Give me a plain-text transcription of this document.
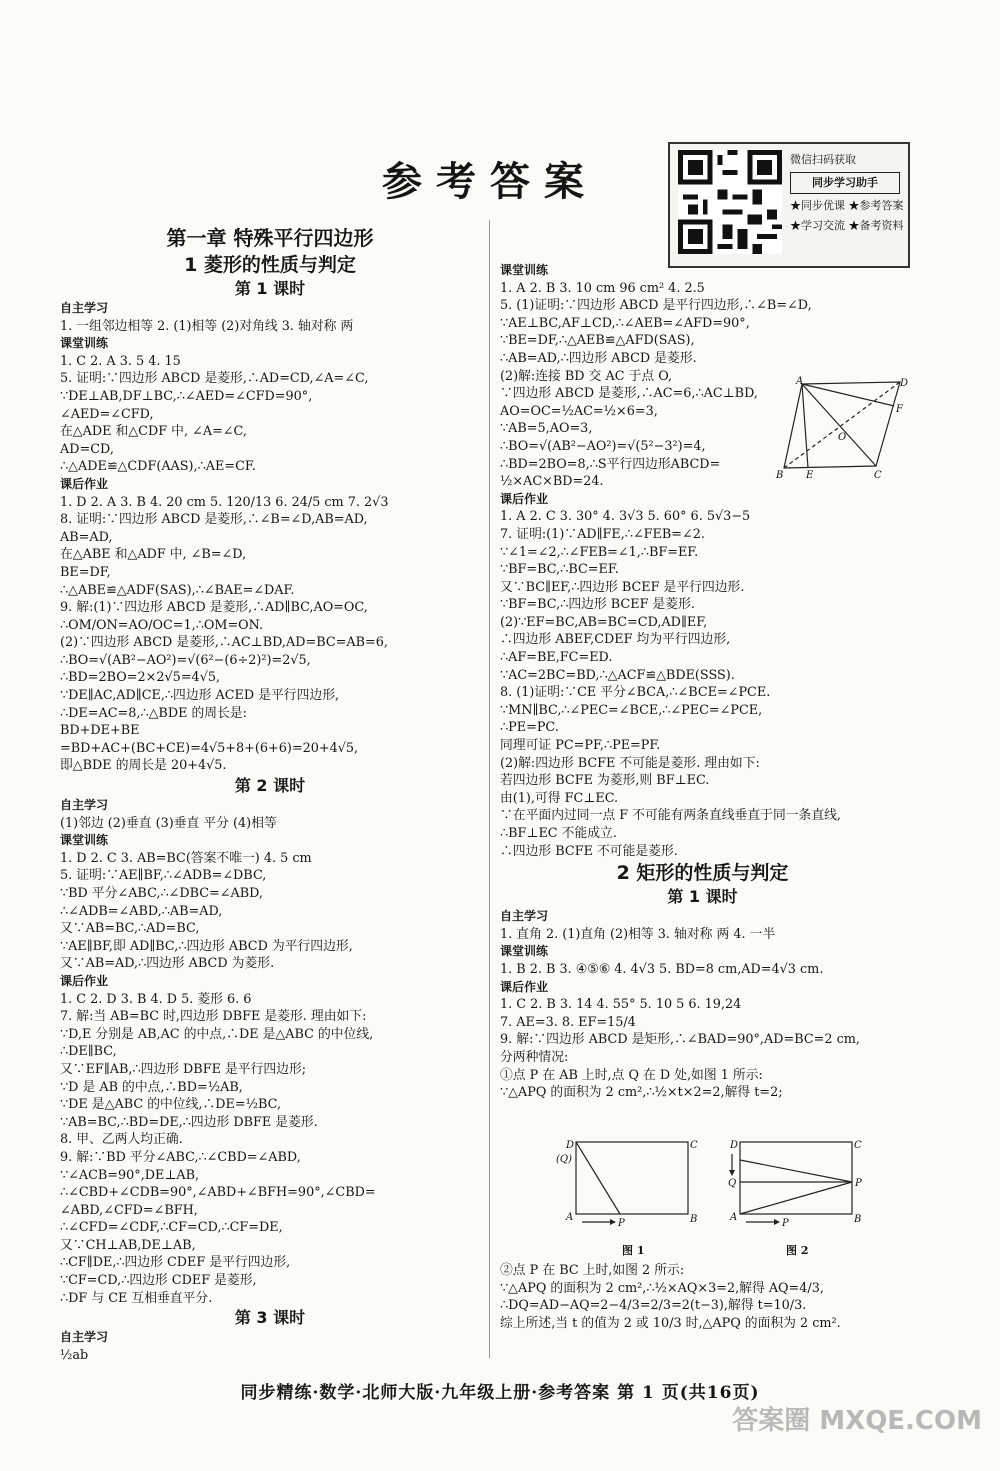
参考答案	微信扫码获取
同步学习助手
★同步优课 ★参考答案
★学习交流 ★备考资料
第一章 特殊平行四边形
1 菱形的性质与判定
第 1 课时
自主学习
1. 一组邻边相等 2. (1)相等 (2)对角线 3. 轴对称 两
课堂训练
1. C 2. A 3. 5 4. 15
5. 证明:∵四边形 ABCD 是菱形,∴AD=CD,∠A=∠C,
∵DE⊥AB,DF⊥BC,∴∠AED=∠CFD=90°,
∠AED=∠CFD,
在△ADE 和△CDF 中, ∠A=∠C,
AD=CD,
∴△ADE≌△CDF(AAS),∴AE=CF.
课后作业
1. D 2. A 3. B 4. 20 cm 5. 120/13 6. 24/5 cm 7. 2√3
8. 证明:∵四边形 ABCD 是菱形,∴∠B=∠D,AB=AD,
AB=AD,
在△ABE 和△ADF 中, ∠B=∠D,
BE=DF,
∴△ABE≌△ADF(SAS),∴∠BAE=∠DAF.
9. 解:(1)∵四边形 ABCD 是菱形,∴AD∥BC,AO=OC,
∴OM/ON=AO/OC=1,∴OM=ON.
(2)∵四边形 ABCD 是菱形,∴AC⊥BD,AD=BC=AB=6,
∴BO=√(AB²−AO²)=√(6²−(6÷2)²)=2√5,
∴BD=2BO=2×2√5=4√5,
∵DE∥AC,AD∥CE,∴四边形 ACED 是平行四边形,
∴DE=AC=8,∴△BDE 的周长是:
BD+DE+BE
=BD+AC+(BC+CE)=4√5+8+(6+6)=20+4√5,
即△BDE 的周长是 20+4√5.
第 2 课时
自主学习
(1)邻边 (2)垂直 (3)垂直 平分 (4)相等
课堂训练
1. D 2. C 3. AB=BC(答案不唯一) 4. 5 cm
5. 证明:∵AE∥BF,∴∠ADB=∠DBC,
∵BD 平分∠ABC,∴∠DBC=∠ABD,
∴∠ADB=∠ABD,∴AB=AD,
又∵AB=BC,∴AD=BC,
∵AE∥BF,即 AD∥BC,∴四边形 ABCD 为平行四边形,
又∵AB=AD,∴四边形 ABCD 为菱形.
课后作业
1. C 2. D 3. B 4. D 5. 菱形 6. 6
7. 解:当 AB=BC 时,四边形 DBFE 是菱形. 理由如下:
∵D,E 分别是 AB,AC 的中点,∴DE 是△ABC 的中位线,
∴DE∥BC,
又∵EF∥AB,∴四边形 DBFE 是平行四边形;
∵D 是 AB 的中点,∴BD=½AB,
∵DE 是△ABC 的中位线,∴DE=½BC,
∵AB=BC,∴BD=DE,∴四边形 DBFE 是菱形.
8. 甲、乙两人均正确.
9. 解:∵BD 平分∠ABC,∴∠CBD=∠ABD,
∵∠ACB=90°,DE⊥AB,
∴∠CBD+∠CDB=90°,∠ABD+∠BFH=90°,∠CBD=
∠ABD,∠CFD=∠BFH,
∴∠CFD=∠CDF,∴CF=CD,∴CF=DE,
又∵CH⊥AB,DE⊥AB,
∴CF∥DE,∴四边形 CDEF 是平行四边形,
∵CF=CD,∴四边形 CDEF 是菱形,
∴DF 与 CE 互相垂直平分.
第 3 课时
自主学习
½ab
课堂训练
1. A 2. B 3. 10 cm 96 cm² 4. 2.5
5. (1)证明:∵四边形 ABCD 是平行四边形,∴∠B=∠D,
∵AE⊥BC,AF⊥CD,∴∠AEB=∠AFD=90°,
∵BE=DF,∴△AEB≌△AFD(SAS),
∴AB=AD,∴四边形 ABCD 是菱形.
(2)解:连接 BD 交 AC 于点 O,
∵四边形 ABCD 是菱形,∴AC=6,∴AC⊥BD,
AO=OC=½AC=½×6=3,
∵AB=5,AO=3,
∴BO=√(AB²−AO²)=√(5²−3²)=4,
∴BD=2BO=8,∴S平行四边形ABCD=
½×AC×BD=24.
课后作业
1. A 2. C 3. 30° 4. 3√3 5. 60° 6. 5√3−5
7. 证明:(1)∵AD∥FE,∴∠FEB=∠2.
∵∠1=∠2,∴∠FEB=∠1,∴BF=EF.
∵BF=BC,∴BC=EF.
又∵BC∥EF,∴四边形 BCEF 是平行四边形.
∵BF=BC,∴四边形 BCEF 是菱形.
(2)∵EF=BC,AB=BC=CD,AD∥EF,
∴四边形 ABEF,CDEF 均为平行四边形,
∴AF=BE,FC=ED.
∵AC=2BC=BD,∴△ACF≌△BDE(SSS).
8. (1)证明:∵CE 平分∠BCA,∴∠BCE=∠PCE.
∵MN∥BC,∴∠PEC=∠BCE,∴∠PEC=∠PCE,
∴PE=PC.
同理可证 PC=PF,∴PE=PF.
(2)解:四边形 BCFE 不可能是菱形. 理由如下:
若四边形 BCFE 为菱形,则 BF⊥EC.
由(1),可得 FC⊥EC.
∵在平面内过同一点 F 不可能有两条直线垂直于同一条直线,
∴BF⊥EC 不能成立.
∴四边形 BCFE 不可能是菱形.
2 矩形的性质与判定
第 1 课时
自主学习
1. 直角 2. (1)直角 (2)相等 3. 轴对称 两 4. 一半
课堂训练
1. B 2. B 3. ④⑤⑥ 4. 4√3 5. BD=8 cm,AD=4√3 cm.
课后作业
1. C 2. B 3. 14 4. 55° 5. 10 5 6. 19,24
7. AE=3. 8. EF=15/4
9. 解:∵四边形 ABCD 是矩形,∴∠BAD=90°,AD=BC=2 cm,
分两种情况:
①点 P 在 AB 上时,点 Q 在 D 处,如图 1 所示:
∵△APQ 的面积为 2 cm²,∴½×t×2=2,解得 t=2;
②点 P 在 BC 上时,如图 2 所示:
∵△APQ 的面积为 2 cm²,∴½×AQ×3=2,解得 AQ=4/3,
∴DQ=AD−AQ=2−4/3=2/3=2(t−3),解得 t=10/3.
综上所述,当 t 的值为 2 或 10/3 时,△APQ 的面积为 2 cm².
A	D
F
O
B E	C
D
(Q)
C
A
P	B
图 1
D	C
Q	P
A
P	B
图 2
同步精练·数学·北师大版·九年级上册·参考答案 第 1 页(共16页)
答案圈 MXQE.COM
